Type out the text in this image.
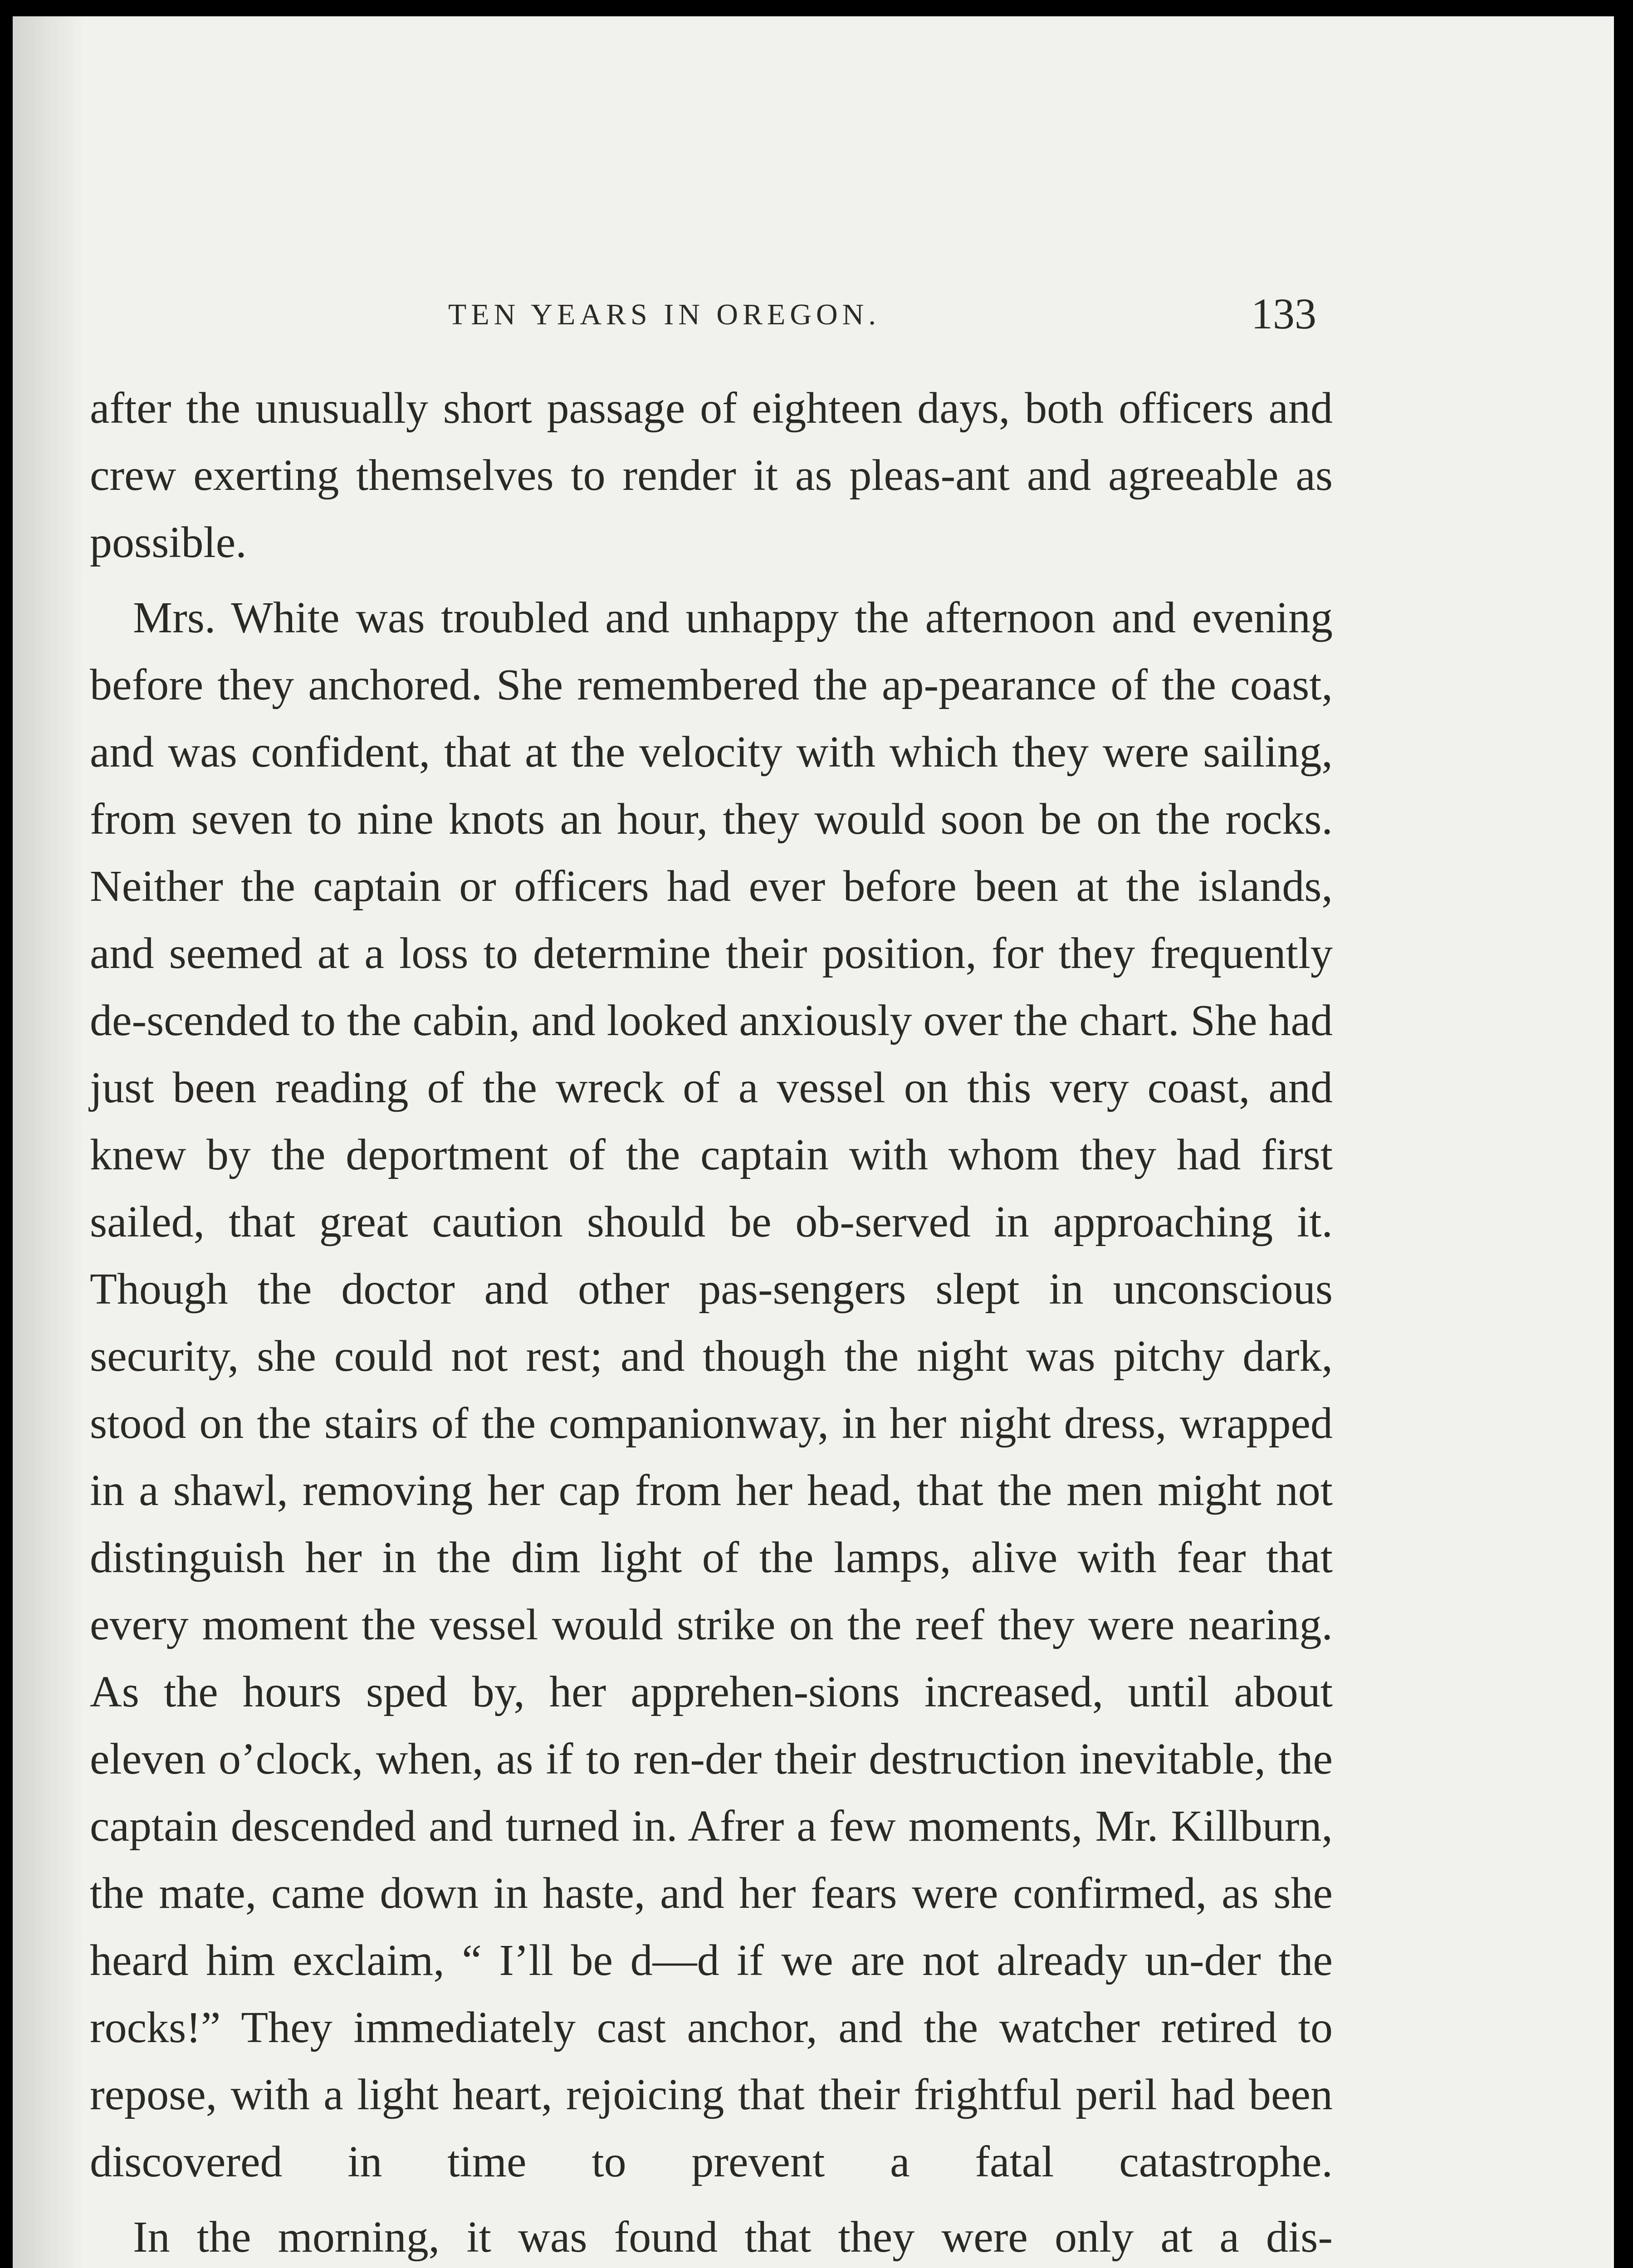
TEN YEARS IN OREGON.	133

after the unusually short passage of eighteen days, both officers and crew exerting themselves to render it as pleas-ant and agreeable as possible.

Mrs. White was troubled and unhappy the afternoon and evening before they anchored. She remembered the ap-pearance of the coast, and was confident, that at the velocity with which they were sailing, from seven to nine knots an hour, they would soon be on the rocks. Neither the captain or officers had ever before been at the islands, and seemed at a loss to determine their position, for they frequently de-scended to the cabin, and looked anxiously over the chart. She had just been reading of the wreck of a vessel on this very coast, and knew by the deportment of the captain with whom they had first sailed, that great caution should be ob-served in approaching it. Though the doctor and other pas-sengers slept in unconscious security, she could not rest; and though the night was pitchy dark, stood on the stairs of the companionway, in her night dress, wrapped in a shawl, removing her cap from her head, that the men might not distinguish her in the dim light of the lamps, alive with fear that every moment the vessel would strike on the reef they were nearing. As the hours sped by, her apprehen-sions increased, until about eleven o’clock, when, as if to ren-der their destruction inevitable, the captain descended and turned in. Afrer a few moments, Mr. Killburn, the mate, came down in haste, and her fears were confirmed, as she heard him exclaim, “ I’ll be d—d if we are not already un-der the rocks!” They immediately cast anchor, and the watcher retired to repose, with a light heart, rejoicing that their frightful peril had been discovered in time to prevent a fatal catastrophe.

In the morning, it was found that they were only at a dis-
